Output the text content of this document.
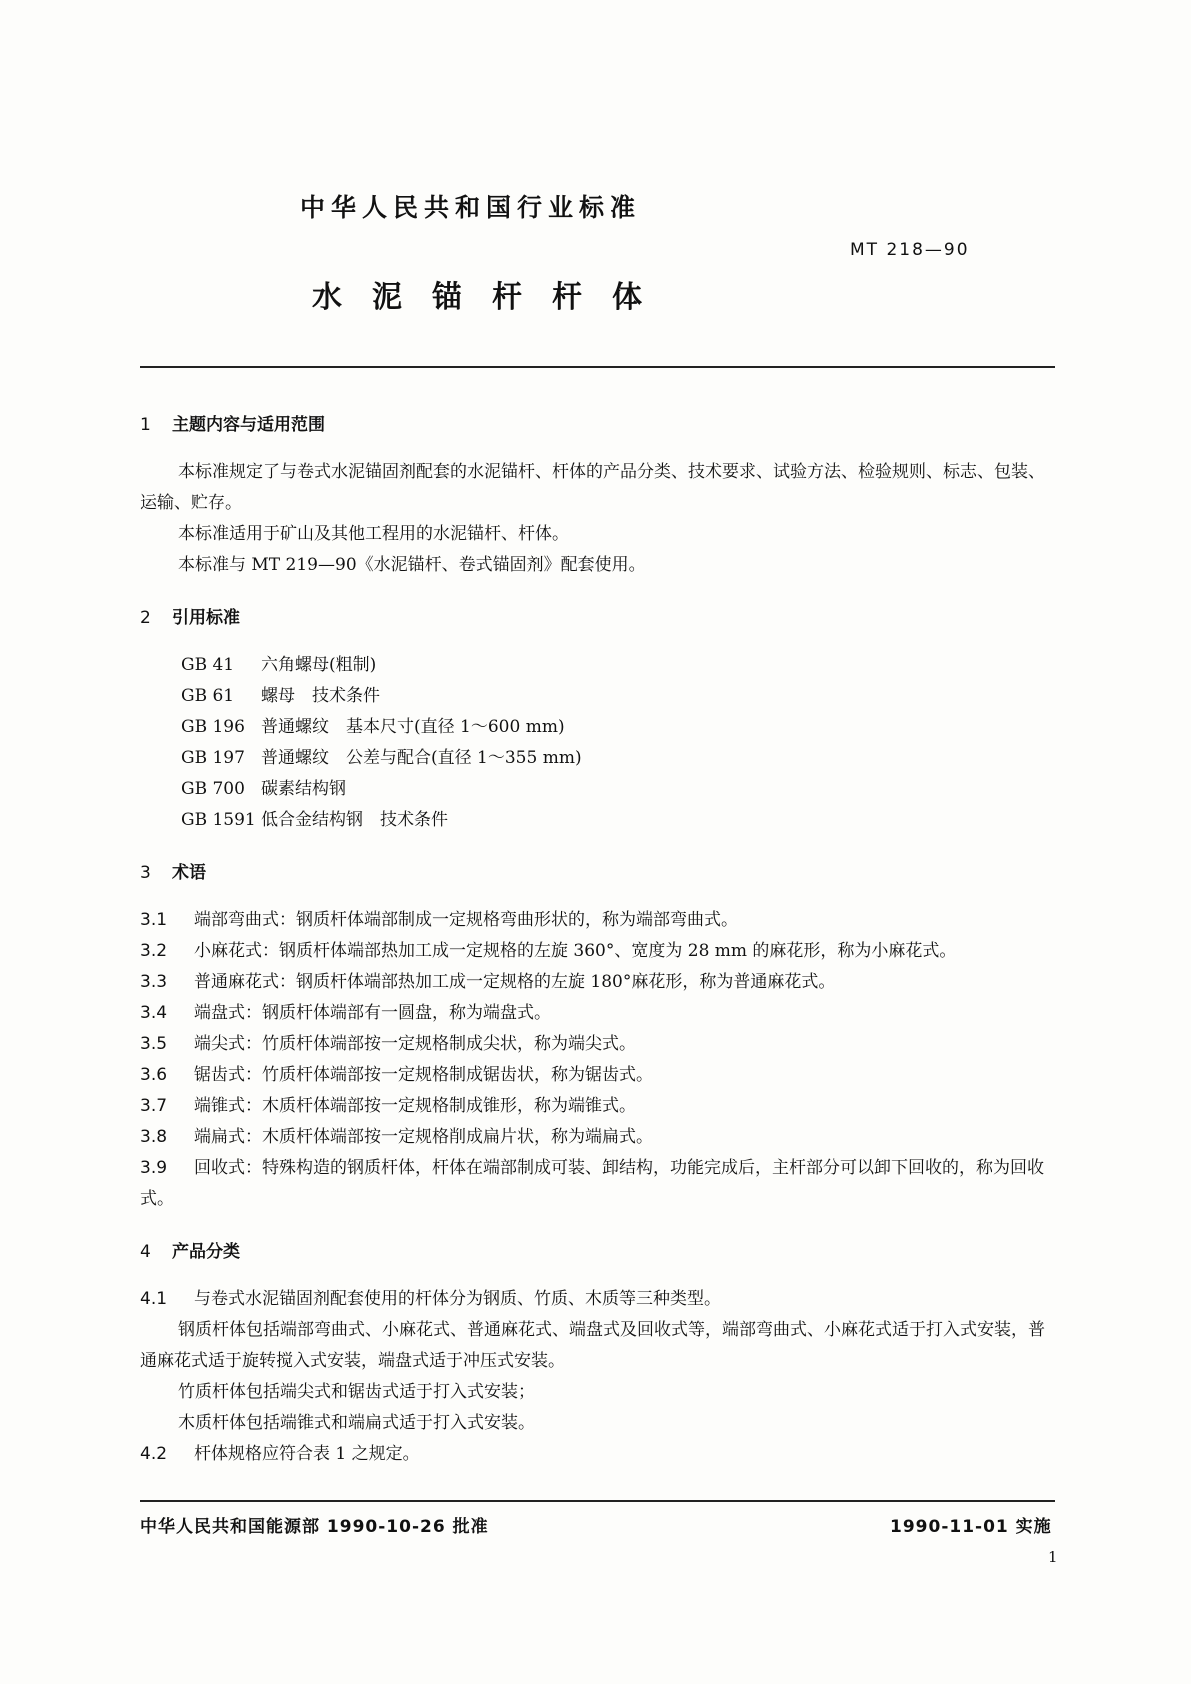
中华人民共和国行业标准
MT 218—90
水泥锚杆杆体
1 主题内容与适用范围

本标准规定了与卷式水泥锚固剂配套的水泥锚杆、杆体的产品分类、技术要求、试验方法、检验规则、标志、包装、运输、贮存。

本标准适用于矿山及其他工程用的水泥锚杆、杆体。

本标准与 MT 219—90《水泥锚杆、卷式锚固剂》配套使用。

2 引用标准

GB 41 六角螺母(粗制)

GB 61 螺母　技术条件

GB 196 普通螺纹　基本尺寸(直径 1～600 mm)

GB 197 普通螺纹　公差与配合(直径 1～355 mm)

GB 700 碳素结构钢

GB 1591 低合金结构钢　技术条件

3 术语

3.1 端部弯曲式：钢质杆体端部制成一定规格弯曲形状的，称为端部弯曲式。

3.2 小麻花式：钢质杆体端部热加工成一定规格的左旋 360°、宽度为 28 mm 的麻花形，称为小麻花式。

3.3 普通麻花式：钢质杆体端部热加工成一定规格的左旋 180°麻花形，称为普通麻花式。

3.4 端盘式：钢质杆体端部有一圆盘，称为端盘式。

3.5 端尖式：竹质杆体端部按一定规格制成尖状，称为端尖式。

3.6 锯齿式：竹质杆体端部按一定规格制成锯齿状，称为锯齿式。

3.7 端锥式：木质杆体端部按一定规格制成锥形，称为端锥式。

3.8 端扁式：木质杆体端部按一定规格削成扁片状，称为端扁式。

3.9 回收式：特殊构造的钢质杆体，杆体在端部制成可装、卸结构，功能完成后，主杆部分可以卸下回收的，称为回收式。

4 产品分类

4.1 与卷式水泥锚固剂配套使用的杆体分为钢质、竹质、木质等三种类型。

钢质杆体包括端部弯曲式、小麻花式、普通麻花式、端盘式及回收式等，端部弯曲式、小麻花式适于打入式安装，普通麻花式适于旋转搅入式安装，端盘式适于冲压式安装。

竹质杆体包括端尖式和锯齿式适于打入式安装；

木质杆体包括端锥式和端扁式适于打入式安装。

4.2 杆体规格应符合表 1 之规定。

中华人民共和国能源部 1990-10-26 批准	1990-11-01 实施
1
